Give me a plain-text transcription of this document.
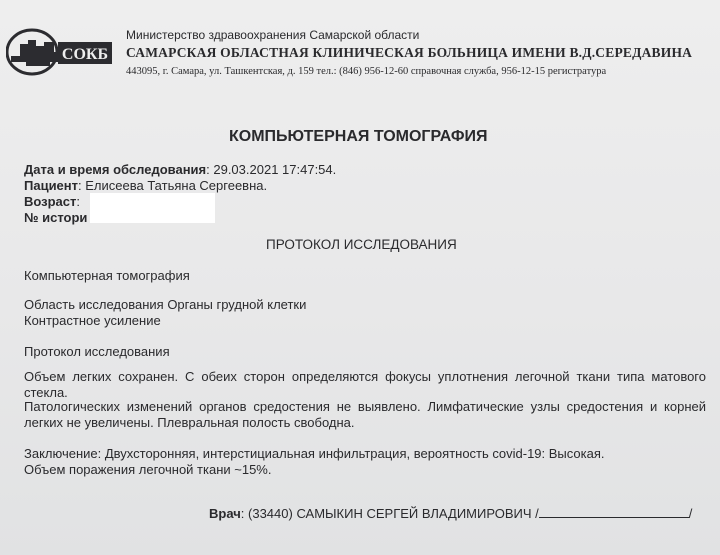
СОКБ
Министерство здравоохранения Самарской области
САМАРСКАЯ ОБЛАСТНАЯ КЛИНИЧЕСКАЯ БОЛЬНИЦА ИМЕНИ В.Д.СЕРЕДАВИНА
443095, г. Самара, ул. Ташкентская, д. 159 тел.: (846) 956-12-60 справочная служба, 956-12-15 регистратура
КОМПЬЮТЕРНАЯ ТОМОГРАФИЯ
Дата и время обследования: 29.03.2021 17:47:54.
Пациент: Елисеева Татьяна Сергеевна.
Возраст:
№ истори
ПРОТОКОЛ ИССЛЕДОВАНИЯ
Компьютерная томография
Область исследования Органы грудной клетки
Контрастное усиление
Протокол исследования
Объем легких сохранен. С обеих сторон определяются фокусы уплотнения легочной ткани типа матового стекла.
Патологических изменений органов средостения не выявлено. Лимфатические узлы средостения и корней легких не увеличены. Плевральная полость свободна.
Заключение: Двухсторонняя, интерстициальная инфильтрация, вероятность covid-19: Высокая.
Объем поражения легочной ткани ~15%.
Врач: (33440) САМЫКИН СЕРГЕЙ ВЛАДИМИРОВИЧ /	/
